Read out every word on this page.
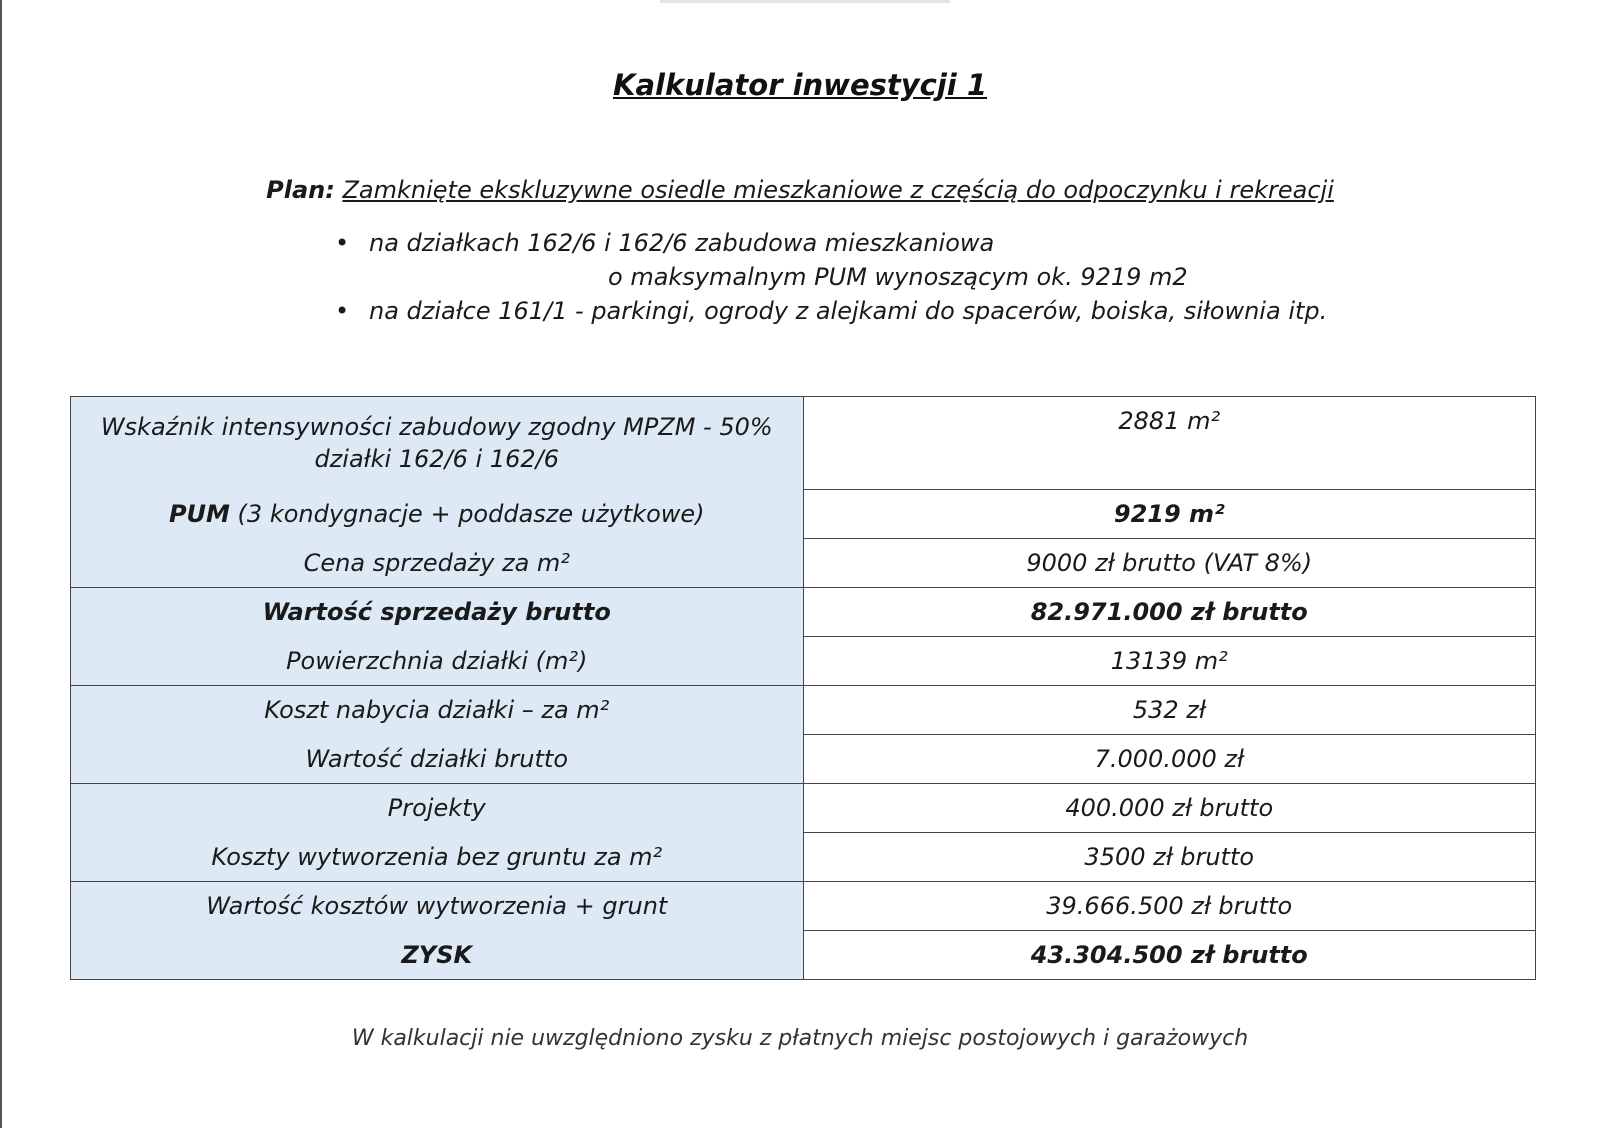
Kalkulator inwestycji 1
Plan: Zamknięte ekskluzywne osiedle mieszkaniowe z częścią do odpoczynku i rekreacji
• na działkach 162/6 i 162/6 zabudowa mieszkaniowa
o maksymalnym PUM wynoszącym ok. 9219 m2
• na działce 161/1 - parkingi, ogrody z alejkami do spacerów, boiska, siłownia itp.
Wskaźnik intensywności zabudowy zgodny MPZM - 50%
działki 162/6 i 162/6	2881 m²
PUM (3 kondygnacje + poddasze użytkowe)	9219 m²
Cena sprzedaży za m²	9000 zł brutto (VAT 8%)
Wartość sprzedaży brutto	82.971.000 zł brutto
Powierzchnia działki (m²)	13139 m²
Koszt nabycia działki – za m²	532 zł
Wartość działki brutto	7.000.000 zł
Projekty	400.000 zł brutto
Koszty wytworzenia bez gruntu za m²	3500 zł brutto
Wartość kosztów wytworzenia + grunt	39.666.500 zł brutto
ZYSK	43.304.500 zł brutto
W kalkulacji nie uwzględniono zysku z płatnych miejsc postojowych i garażowych
